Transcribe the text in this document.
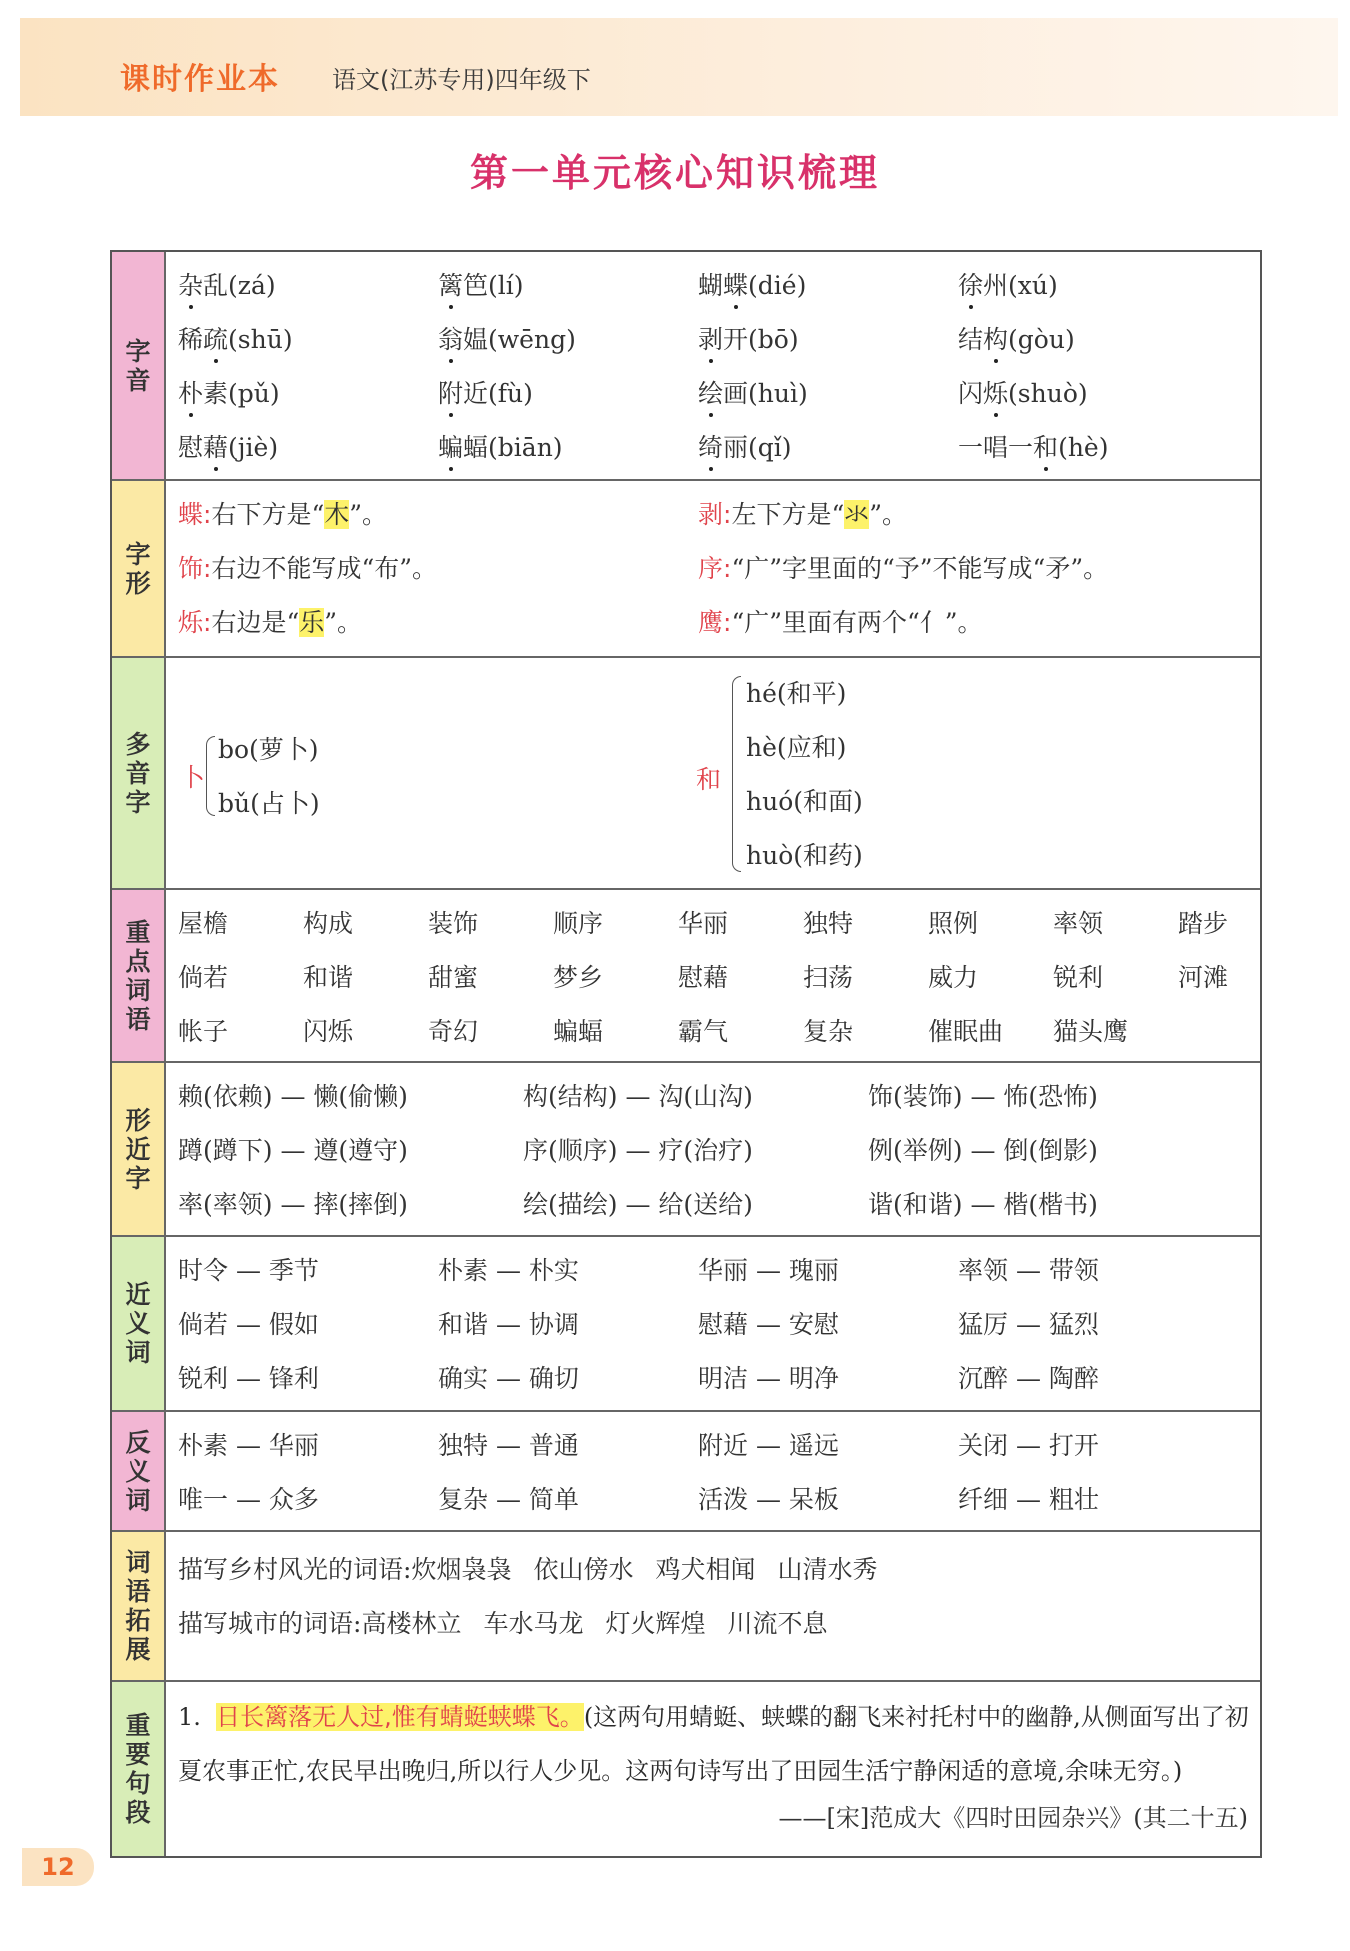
课时作业本 语文(江苏专用)四年级下
第一单元核心知识梳理
字
音
杂乱(zá)	篱笆(lí)	蝴蝶(dié)	徐州(xú)
稀疏(shū)	翁媪(wēng)	剥开(bō)	结构(gòu)
朴素(pǔ)	附近(fù)	绘画(huì)	闪烁(shuò)
慰藉(jiè)	蝙蝠(biān)	绮丽(qǐ)	一唱一和(hè)
字
形
蝶:右下方是“木”。	剥:左下方是“氺”。
饰:右边不能写成“布”。	序:“广”字里面的“予”不能写成“矛”。
烁:右边是“乐”。	鹰:“广”里面有两个“亻”。
多
音
字
卜
bo(萝卜)
bǔ(占卜)
和
hé(和平)
hè(应和)
huó(和面)
huò(和药)
重
点
词
语
屋檐	构成	装饰	顺序	华丽	独特	照例	率领	踏步
倘若	和谐	甜蜜	梦乡	慰藉	扫荡	威力	锐利	河滩
帐子	闪烁	奇幻	蝙蝠	霸气	复杂	催眠曲 猫头鹰
形
近
字
赖(依赖) — 懒(偷懒)	构(结构) — 沟(山沟)	饰(装饰) — 怖(恐怖)
蹲(蹲下) — 遵(遵守)	序(顺序) — 疗(治疗)	例(举例) — 倒(倒影)
率(率领) — 摔(摔倒)	绘(描绘) — 给(送给)	谐(和谐) — 楷(楷书)
近
义
词
时令 — 季节	朴素 — 朴实	华丽 — 瑰丽	率领 — 带领
倘若 — 假如	和谐 — 协调	慰藉 — 安慰	猛厉 — 猛烈
锐利 — 锋利	确实 — 确切	明洁 — 明净	沉醉 — 陶醉
反
义
词
朴素 — 华丽	独特 — 普通	附近 — 遥远	关闭 — 打开
唯一 — 众多	复杂 — 简单	活泼 — 呆板	纤细 — 粗壮
词
语
拓
展
描写乡村风光的词语:炊烟袅袅 依山傍水 鸡犬相闻 山清水秀
描写城市的词语:高楼林立 车水马龙 灯火辉煌 川流不息
重
要
句
段
1. 日长篱落无人过,惟有蜻蜓蛱蝶飞。(这两句用蜻蜓、蛱蝶的翻飞来衬托村中的幽静,从侧面写出了初夏农事正忙,农民早出晚归,所以行人少见。这两句诗写出了田园生活宁静闲适的意境,余味无穷。)
——[宋]范成大《四时田园杂兴》(其二十五)
12
